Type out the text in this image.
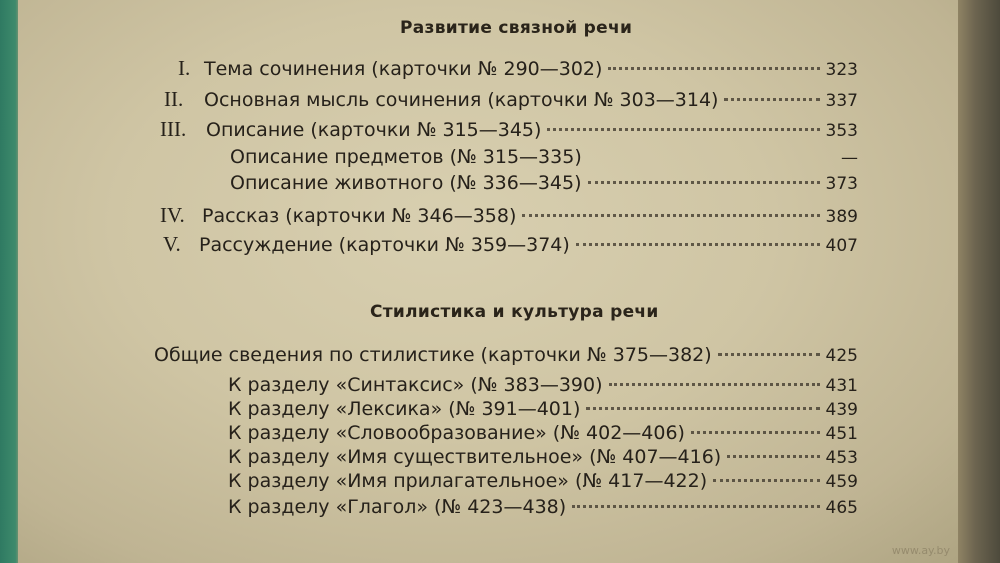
Развитие связной речи
I. Тема сочинения (карточки № 290—302)	323
II.	Основная мысль сочинения (карточки № 303—314)	337
III.	Описание (карточки № 315—345)	353
Описание предметов (№ 315—335)	—
Описание животного (№ 336—345)	373
IV. Рассказ (карточки № 346—358)	389
V. Рассуждение (карточки № 359—374)	407
Стилистика и культура речи
Общие сведения по стилистике (карточки № 375—382)	425
К разделу «Синтаксис» (№ 383—390)	431
К разделу «Лексика» (№ 391—401)	439
К разделу «Словообразование» (№ 402—406)	451
К разделу «Имя существительное» (№ 407—416)	453
К разделу «Имя прилагательное» (№ 417—422)	459
К разделу «Глагол» (№ 423—438)	465
www.ay.by
